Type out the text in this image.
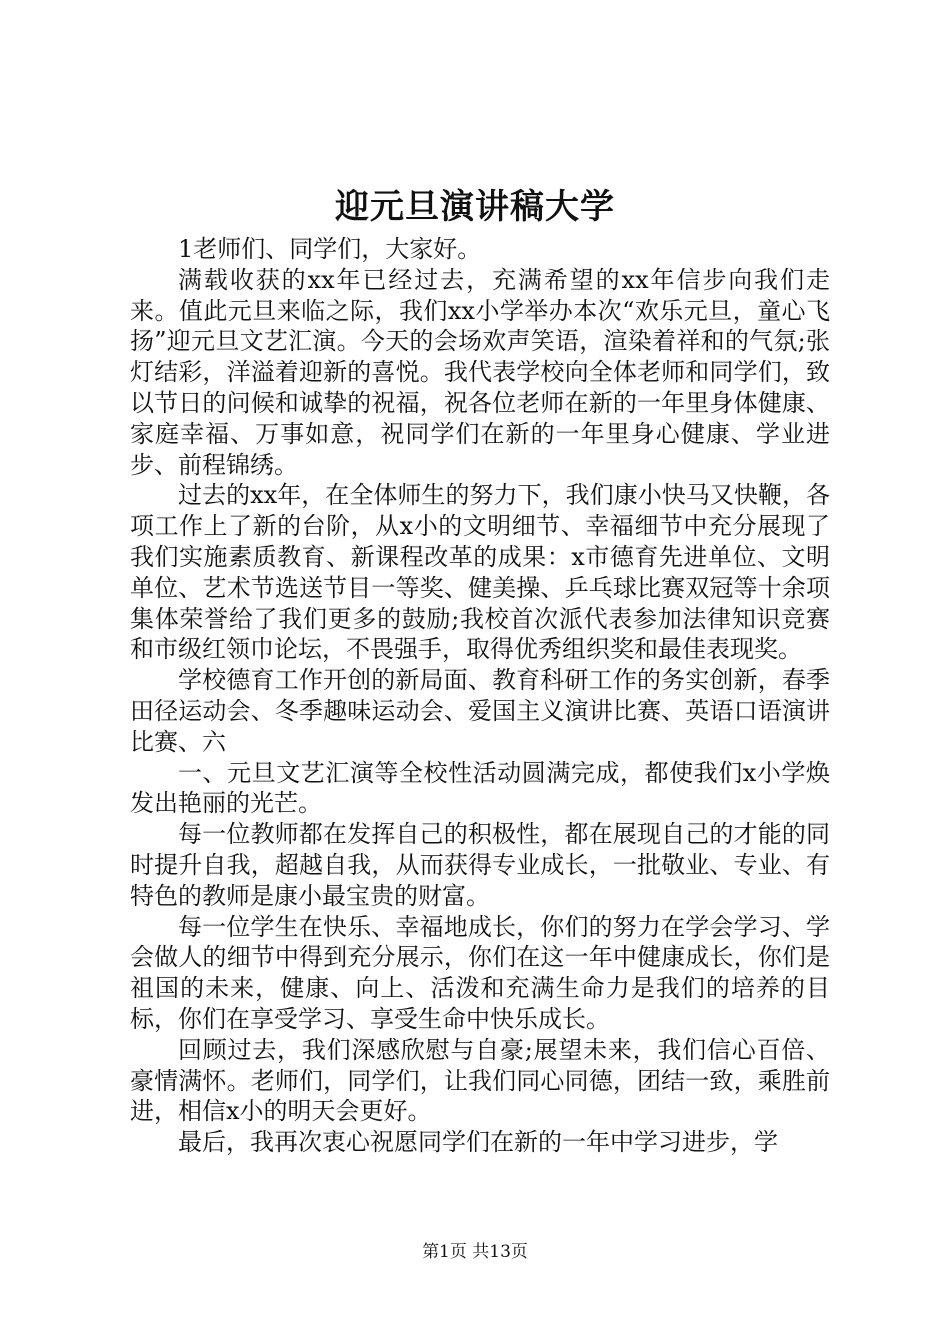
迎元旦演讲稿大学

1老师们、同学们，大家好。

满载收获的xx年已经过去，充满希望的xx年信步向我们走来。值此元旦来临之际，我们xx小学举办本次“欢乐元旦，童心飞扬”迎元旦文艺汇演。今天的会场欢声笑语，渲染着祥和的气氛;张灯结彩，洋溢着迎新的喜悦。我代表学校向全体老师和同学们，致以节日的问候和诚挚的祝福，祝各位老师在新的一年里身体健康、家庭幸福、万事如意，祝同学们在新的一年里身心健康、学业进步、前程锦绣。

过去的xx年，在全体师生的努力下，我们康小快马又快鞭，各项工作上了新的台阶，从x小的文明细节、幸福细节中充分展现了我们实施素质教育、新课程改革的成果：x市德育先进单位、文明单位、艺术节选送节目一等奖、健美操、乒乓球比赛双冠等十余项集体荣誉给了我们更多的鼓励;我校首次派代表参加法律知识竞赛和市级红领巾论坛，不畏强手，取得优秀组织奖和最佳表现奖。

学校德育工作开创的新局面、教育科研工作的务实创新，春季田径运动会、冬季趣味运动会、爱国主义演讲比赛、英语口语演讲比赛、六

一、元旦文艺汇演等全校性活动圆满完成，都使我们x小学焕发出艳丽的光芒。

每一位教师都在发挥自己的积极性，都在展现自己的才能的同时提升自我，超越自我，从而获得专业成长，一批敬业、专业、有特色的教师是康小最宝贵的财富。

每一位学生在快乐、幸福地成长，你们的努力在学会学习、学会做人的细节中得到充分展示，你们在这一年中健康成长，你们是祖国的未来，健康、向上、活泼和充满生命力是我们的培养的目标，你们在享受学习、享受生命中快乐成长。

回顾过去，我们深感欣慰与自豪;展望未来，我们信心百倍、豪情满怀。老师们，同学们，让我们同心同德，团结一致，乘胜前进，相信x小的明天会更好。

最后，我再次衷心祝愿同学们在新的一年中学习进步，学

第1页 共13页
